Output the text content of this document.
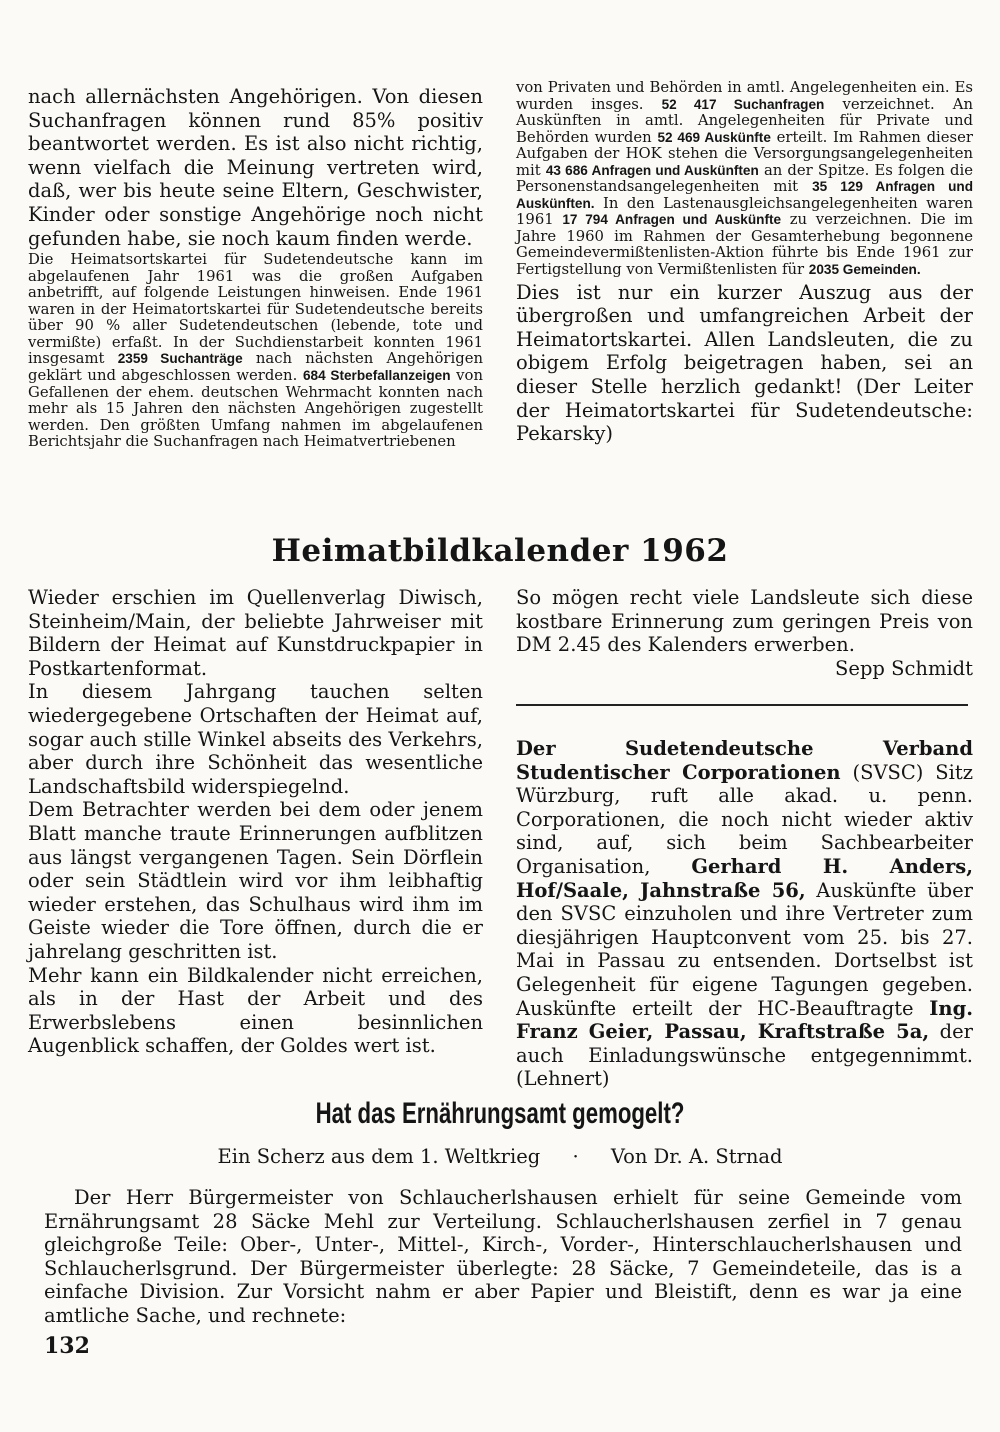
nach allernächsten Angehörigen. Von diesen Suchanfragen können rund 85% positiv beantwortet werden. Es ist also nicht richtig, wenn vielfach die Meinung vertreten wird, daß, wer bis heute seine Eltern, Geschwister, Kinder oder sonstige Angehörige noch nicht gefunden habe, sie noch kaum finden werde.

Die Heimatsortskartei für Sudetendeutsche kann im abgelaufenen Jahr 1961 was die großen Aufgaben anbetrifft, auf folgende Leistungen hinweisen. Ende 1961 waren in der Heimatortskartei für Sudetendeutsche bereits über 90 % aller Sudetendeutschen (lebende, tote und vermißte) erfaßt. In der Suchdienstarbeit konnten 1961 insgesamt 2359 Suchanträge nach nächsten Angehörigen geklärt und abgeschlossen werden. 684 Sterbefallanzeigen von Gefallenen der ehem. deutschen Wehrmacht konnten nach mehr als 15 Jahren den nächsten Angehörigen zugestellt werden. Den größten Umfang nahmen im abgelaufenen Berichtsjahr die Suchanfragen nach Heimatvertriebenen

von Privaten und Behörden in amtl. Angelegenheiten ein. Es wurden insges. 52 417 Suchanfragen verzeichnet. An Auskünften in amtl. Angelegenheiten für Private und Behörden wurden 52 469 Auskünfte erteilt. Im Rahmen dieser Aufgaben der HOK stehen die Versorgungsangelegenheiten mit 43 686 Anfragen und Auskünften an der Spitze. Es folgen die Personenstandsangelegenheiten mit 35 129 Anfragen und Auskünften. In den Lastenausgleichsangelegenheiten waren 1961 17 794 Anfragen und Auskünfte zu verzeichnen. Die im Jahre 1960 im Rahmen der Gesamterhebung begonnene Gemeindevermißtenlisten-Aktion führte bis Ende 1961 zur Fertigstellung von Vermißtenlisten für 2035 Gemeinden.

Dies ist nur ein kurzer Auszug aus der übergroßen und umfangreichen Arbeit der Heimatortskartei. Allen Landsleuten, die zu obigem Erfolg beigetragen haben, sei an dieser Stelle herzlich gedankt! (Der Leiter der Heimatortskartei für Sudetendeutsche: Pekarsky)

Heimatbildkalender 1962

Wieder erschien im Quellenverlag Diwisch, Steinheim/Main, der beliebte Jahrweiser mit Bildern der Heimat auf Kunstdruckpapier in Postkartenformat.

In diesem Jahrgang tauchen selten wiedergegebene Ortschaften der Heimat auf, sogar auch stille Winkel abseits des Verkehrs, aber durch ihre Schönheit das wesentliche Landschaftsbild widerspiegelnd.

Dem Betrachter werden bei dem oder jenem Blatt manche traute Erinnerungen aufblitzen aus längst vergangenen Tagen. Sein Dörflein oder sein Städtlein wird vor ihm leibhaftig wieder erstehen, das Schulhaus wird ihm im Geiste wieder die Tore öffnen, durch die er jahrelang geschritten ist.

Mehr kann ein Bildkalender nicht erreichen, als in der Hast der Arbeit und des Erwerbslebens einen besinnlichen Augenblick schaffen, der Goldes wert ist.

So mögen recht viele Landsleute sich diese kostbare Erinnerung zum geringen Preis von DM 2.45 des Kalenders erwerben.

Sepp Schmidt

Der Sudetendeutsche Verband Studentischer Corporationen (SVSC) Sitz Würzburg, ruft alle akad. u. penn. Corporationen, die noch nicht wieder aktiv sind, auf, sich beim Sachbearbeiter Organisation, Gerhard H. Anders, Hof/Saale, Jahnstraße 56, Auskünfte über den SVSC einzuholen und ihre Vertreter zum diesjährigen Hauptconvent vom 25. bis 27. Mai in Passau zu entsenden. Dortselbst ist Gelegenheit für eigene Tagungen gegeben. Auskünfte erteilt der HC-Beauftragte Ing. Franz Geier, Passau, Kraftstraße 5a, der auch Einladungswünsche entgegennimmt. (Lehnert)

Hat das Ernährungsamt gemogelt?
Ein Scherz aus dem 1. Weltkrieg · Von Dr. A. Strnad

Der Herr Bürgermeister von Schlaucherlshausen erhielt für seine Gemeinde vom Ernährungsamt 28 Säcke Mehl zur Verteilung. Schlaucherlshausen zerfiel in 7 genau gleichgroße Teile: Ober-, Unter-, Mittel-, Kirch-, Vorder-, Hinterschlaucherlshausen und Schlaucherlsgrund. Der Bürgermeister überlegte: 28 Säcke, 7 Gemeindeteile, das is a einfache Division. Zur Vorsicht nahm er aber Papier und Bleistift, denn es war ja eine amtliche Sache, und rechnete:

132
